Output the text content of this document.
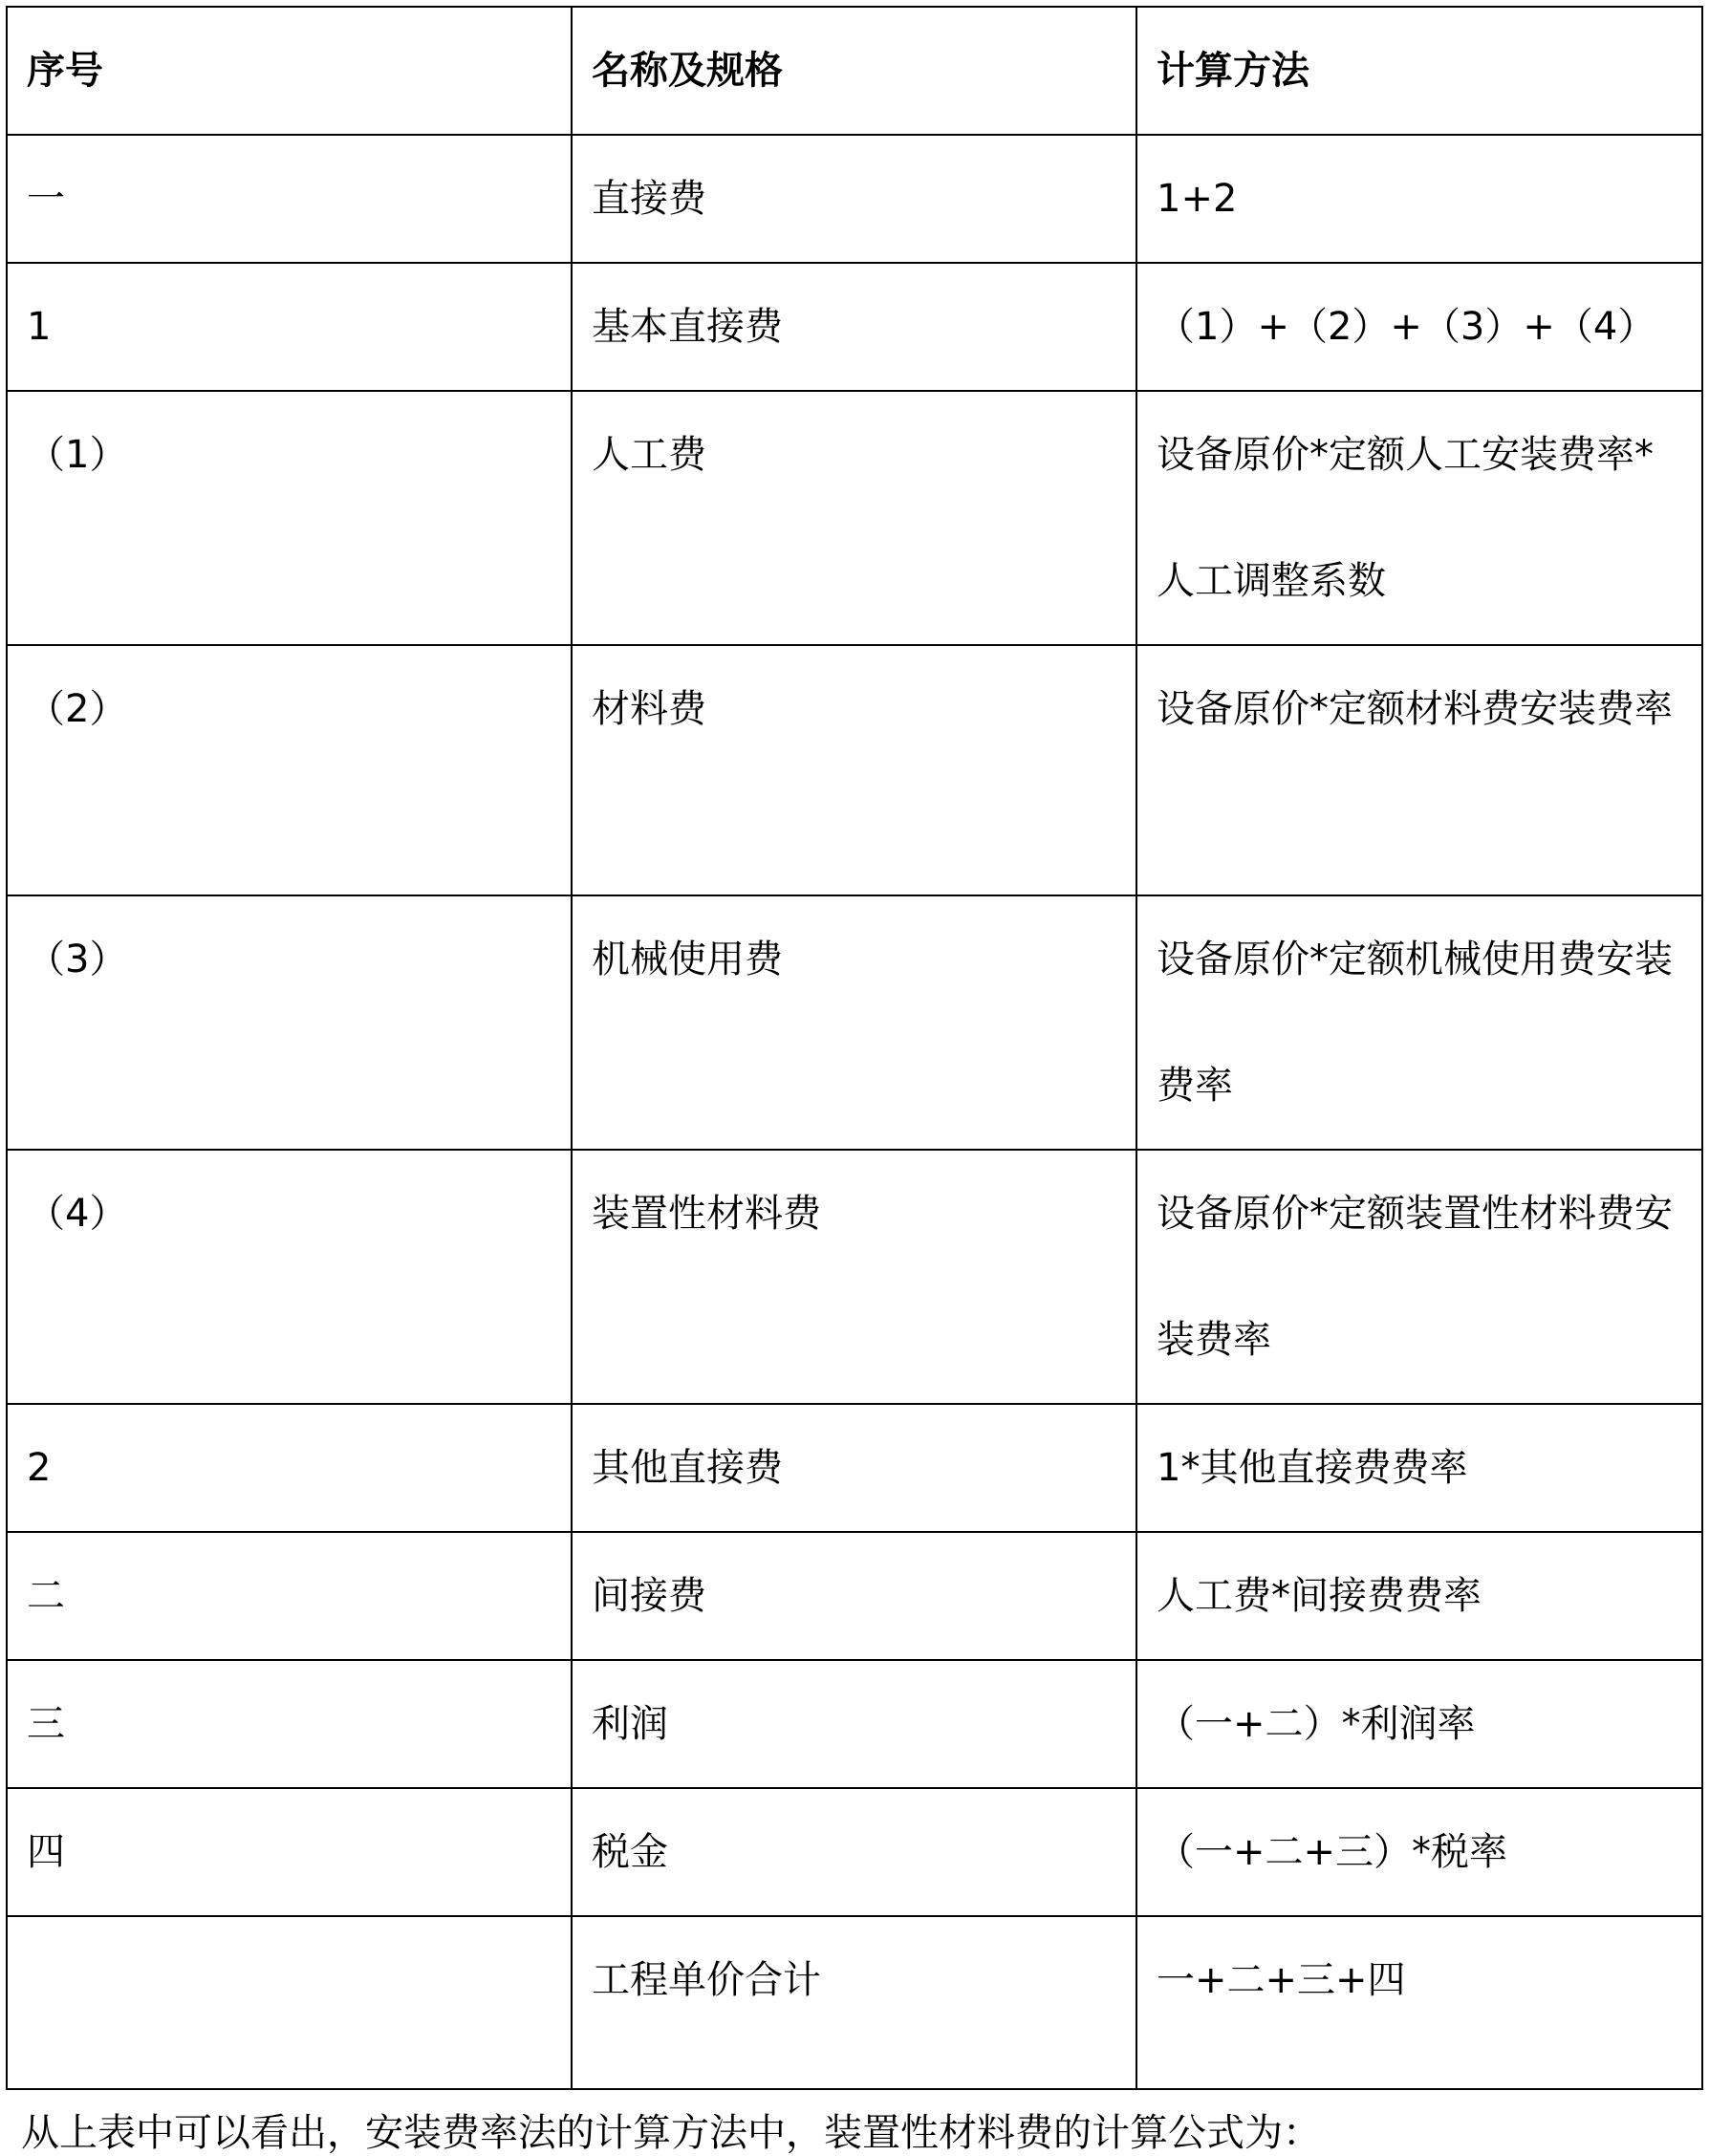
序号	名称及规格	计算方法
一	直接费	1+2
1	基本直接费	（1）+（2）+（3）+（4）
（1）	人工费	设备原价*定额人工安装费率*人工调整系数
（2）	材料费	设备原价*定额材料费安装费率
（3）	机械使用费	设备原价*定额机械使用费安装费率
（4）	装置性材料费	设备原价*定额装置性材料费安装费率
2	其他直接费	1*其他直接费费率
二	间接费	人工费*间接费费率
三	利润	（一+二）*利润率
四	税金	（一+二+三）*税率
	工程单价合计	一+二+三+四
从上表中可以看出，安装费率法的计算方法中，装置性材料费的计算公式为：
